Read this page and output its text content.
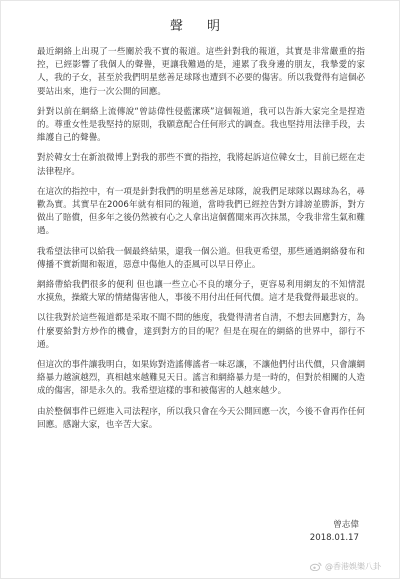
聲 明

最近網絡上出現了一些關於我不實的報道。這些針對我的報道，其實是非常嚴重的指控，已經影響了我個人的聲譽，更讓我難過的是，連累了我身邊的朋友，我摯愛的家人，我的子女，甚至於我們明星慈善足球隊也遭到不必要的傷害。所以我覺得有這個必要站出來，進行一次公開的回應。

針對以前在網絡上流傳說“曾誌偉性侵藍潔瑛”這個報道，我可以告訴大家完全是捏造的。尊重女性是我堅持的原則，我願意配合任何形式的調查。我也堅持用法律手段，去維護自己的聲譽。

對於韓女士在新浪微博上對我的那些不實的指控，我將起訴這位韓女士，目前已經在走法律程序。

在這次的指控中，有一項是針對我們的明星慈善足球隊，說我們足球隊以踢球為名，尋歡為實。其實早在2006年就有相同的報道，當時我們已經控告對方誹謗並勝訴，對方做出了賠償，但多年之後仍然被有心之人拿出這個舊聞來再次抹黑，令我非常生氣和難過。

我希望法律可以給我一個最終結果，還我一個公道。但我更希望，那些通過網絡發布和傳播不實新聞和報道，惡意中傷他人的歪風可以早日停止。

網絡帶給我們很多的便利 但也讓一些立心不良的壞分子，更容易利用網友的不知情混水摸魚，操縱大眾的情緒傷害他人，事後不用付出任何代價。這才是我覺得最悲哀的。

以往我對於這些報道都是采取不聞不問的態度，我覺得清者自清，不想去回應對方，為什麼要給對方炒作的機會，達到對方的目的呢？但是在現在的網絡的世界中，卻行不通。

但這次的事件讓我明白，如果妳對造謠傳謠者一味忍讓，不讓他們付出代價，只會讓網絡暴力越演越烈，真相越來越難見天日。謠言和網絡暴力是一時的，但對於相關的人造成的傷害，卻是永久的。我希望這樣的事和被傷害的人越來越少。

由於整個事件已經進入司法程序，所以我只會在今天公開回應一次，今後不會再作任何回應。感謝大家，也辛苦大家。

曾志偉
2018.01.17
@香港娛樂八卦
